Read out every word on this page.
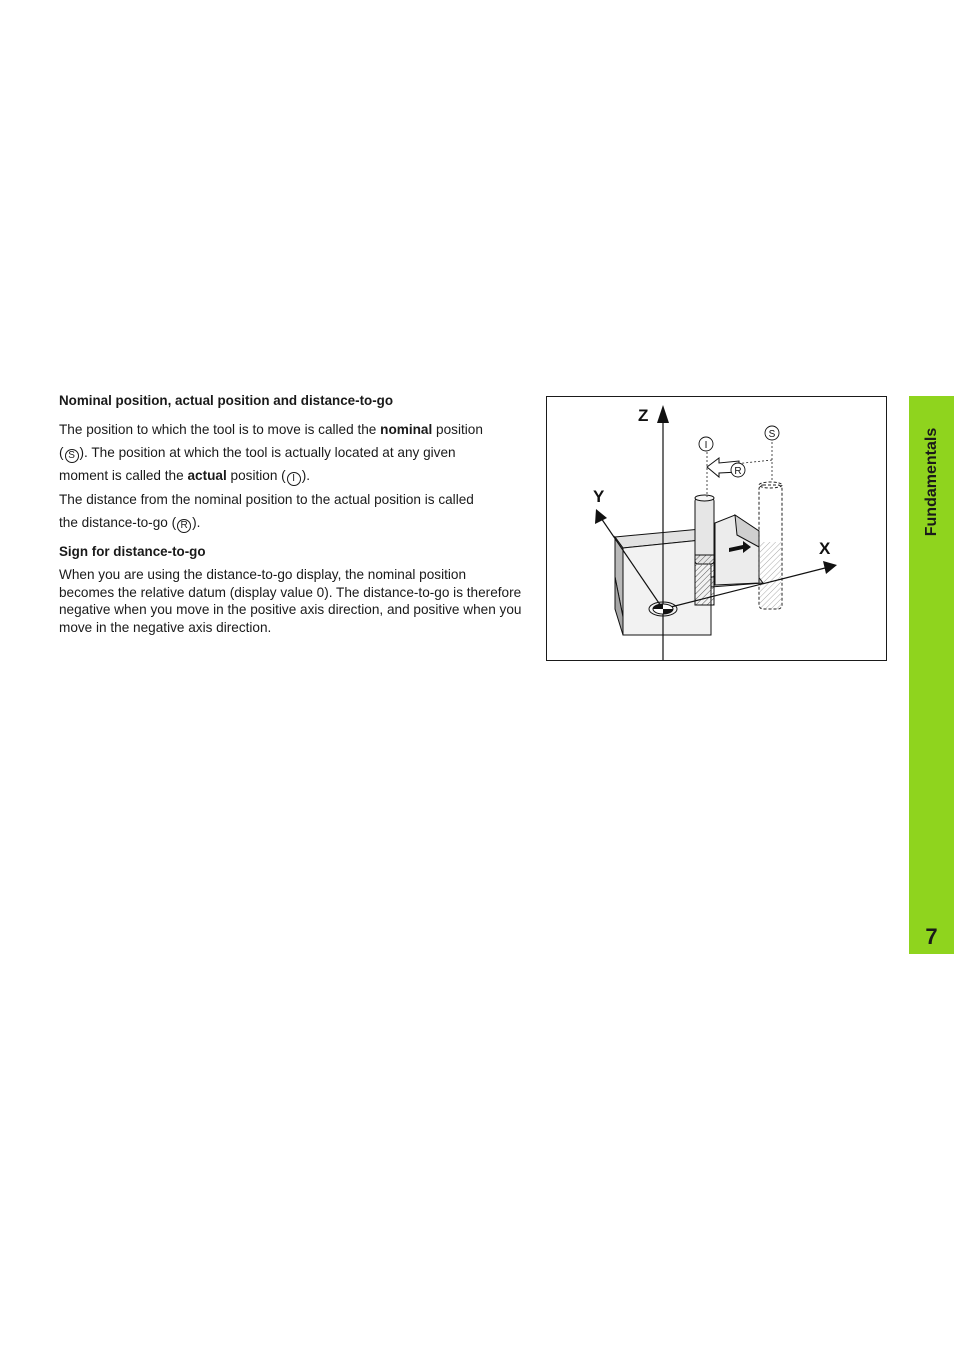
Nominal position, actual position and distance-to-go

The position to which the tool is to move is called the nominal position
( S ). The position at which the tool is actually located at any given
moment is called the actual position ( I ).

The distance from the nominal position to the actual position is called
the distance-to-go ( R ).

Sign for distance-to-go

When you are using the distance-to-go display, the nominal position becomes the relative datum (display value 0). The distance-to-go is therefore negative when you move in the positive axis direction, and positive when you move in the negative axis direction.

I
S
R
Z
Y
X
Fundamentals
7
